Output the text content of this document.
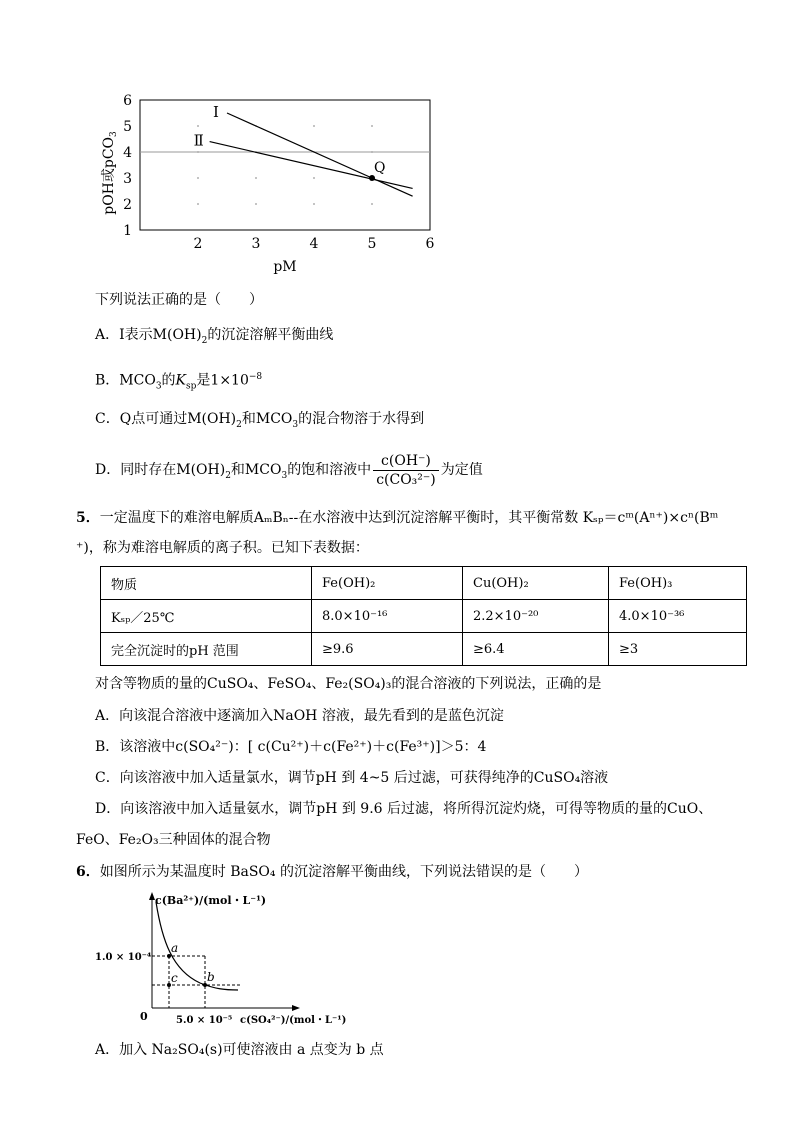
2	3	4	5	6
1
2
3
4
5
6
I
Ⅱ
Q
pM
pOH或pCO$_3$
下列说法正确的是（　　）
A．Ⅰ表示$M(OH)_2$的沉淀溶解平衡曲线
B．$MCO_3$的$K_{sp}$是$1\times 10^{-8}$
C．Q点可通过$M(OH)_2$和$MCO_3$的混合物溶于水得到
D．同时存在$M(OH)_2$和$MCO_3$的饱和溶液中 $\frac{c(OH^-)}{\text{c(CO₃²⁻)}}$ 为定值
5．一定温度下的难溶电解质AₘBₙ--在水溶液中达到沉淀溶解平衡时，其平衡常数 Kₛₚ＝cᵐ(Aⁿ⁺)×cⁿ(Bᵐ
⁺)，称为难溶电解质的离子积。已知下表数据：
物质	Fe(OH)₂	Cu(OH)₂	Fe(OH)₃
Kₛₚ／25℃	8.0×10⁻¹⁶	2.2×10⁻²⁰	4.0×10⁻³⁶
完全沉淀时的pH 范围	≥9.6	≥6.4	≥3
对含等物质的量的CuSO₄、FeSO₄、Fe₂(SO₄)₃的混合溶液的下列说法，正确的是
A．向该混合溶液中逐滴加入NaOH 溶液，最先看到的是蓝色沉淀
B．该溶液中c(SO₄²⁻)：[ c(Cu²⁺)＋c(Fe²⁺)＋c(Fe³⁺)]＞5：4
C．向该溶液中加入适量氯水，调节pH 到 4~5 后过滤，可获得纯净的CuSO₄溶液
D．向该溶液中加入适量氨水，调节pH 到 9.6 后过滤，将所得沉淀灼烧，可得等物质的量的CuO、
FeO、Fe₂O₃三种固体的混合物
6．如图所示为某温度时 BaSO₄ 的沉淀溶解平衡曲线，下列说法错误的是（　　）
a
b
c
c(Ba²⁺)/(mol・L⁻¹)
1.0 × 10⁻⁴
5.0 × 10⁻⁵
0	c(SO₄²⁻)/(mol・L⁻¹)
A．加入 Na₂SO₄(s)可使溶液由 a 点变为 b 点
